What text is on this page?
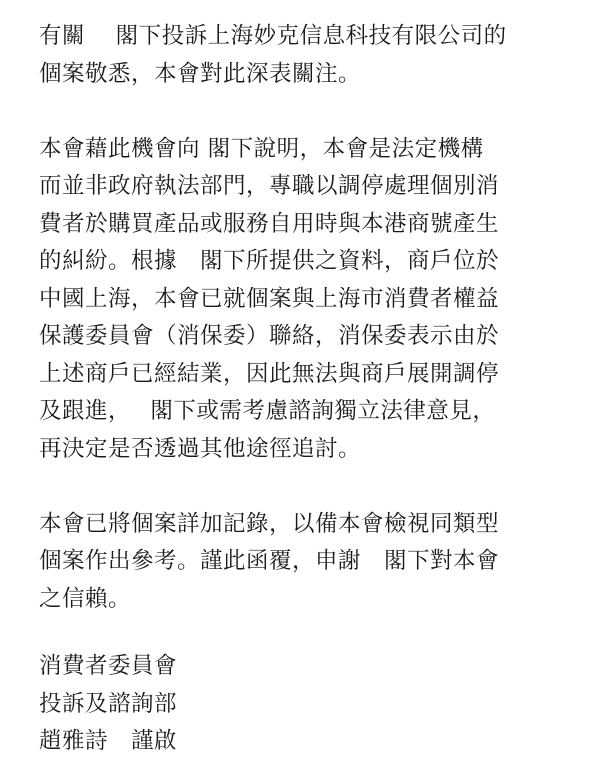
有關　 閣下投訴上海妙克信息科技有限公司的
個案敬悉，本會對此深表關注。
本會藉此機會向 閣下說明，本會是法定機構
而並非政府執法部門，專職以調停處理個別消
費者於購買產品或服務自用時與本港商號產生
的糾紛。根據　閣下所提供之資料，商戶位於
中國上海，本會已就個案與上海市消費者權益
保護委員會（消保委）聯絡，消保委表示由於
上述商戶已經結業，因此無法與商戶展開調停
及跟進，　 閣下或需考慮諮詢獨立法律意見，
再決定是否透過其他途徑追討。
本會已將個案詳加記錄，以備本會檢視同類型
個案作出參考。謹此函覆，申謝　閣下對本會
之信賴。
消費者委員會
投訴及諮詢部
趙雅詩　謹啟
